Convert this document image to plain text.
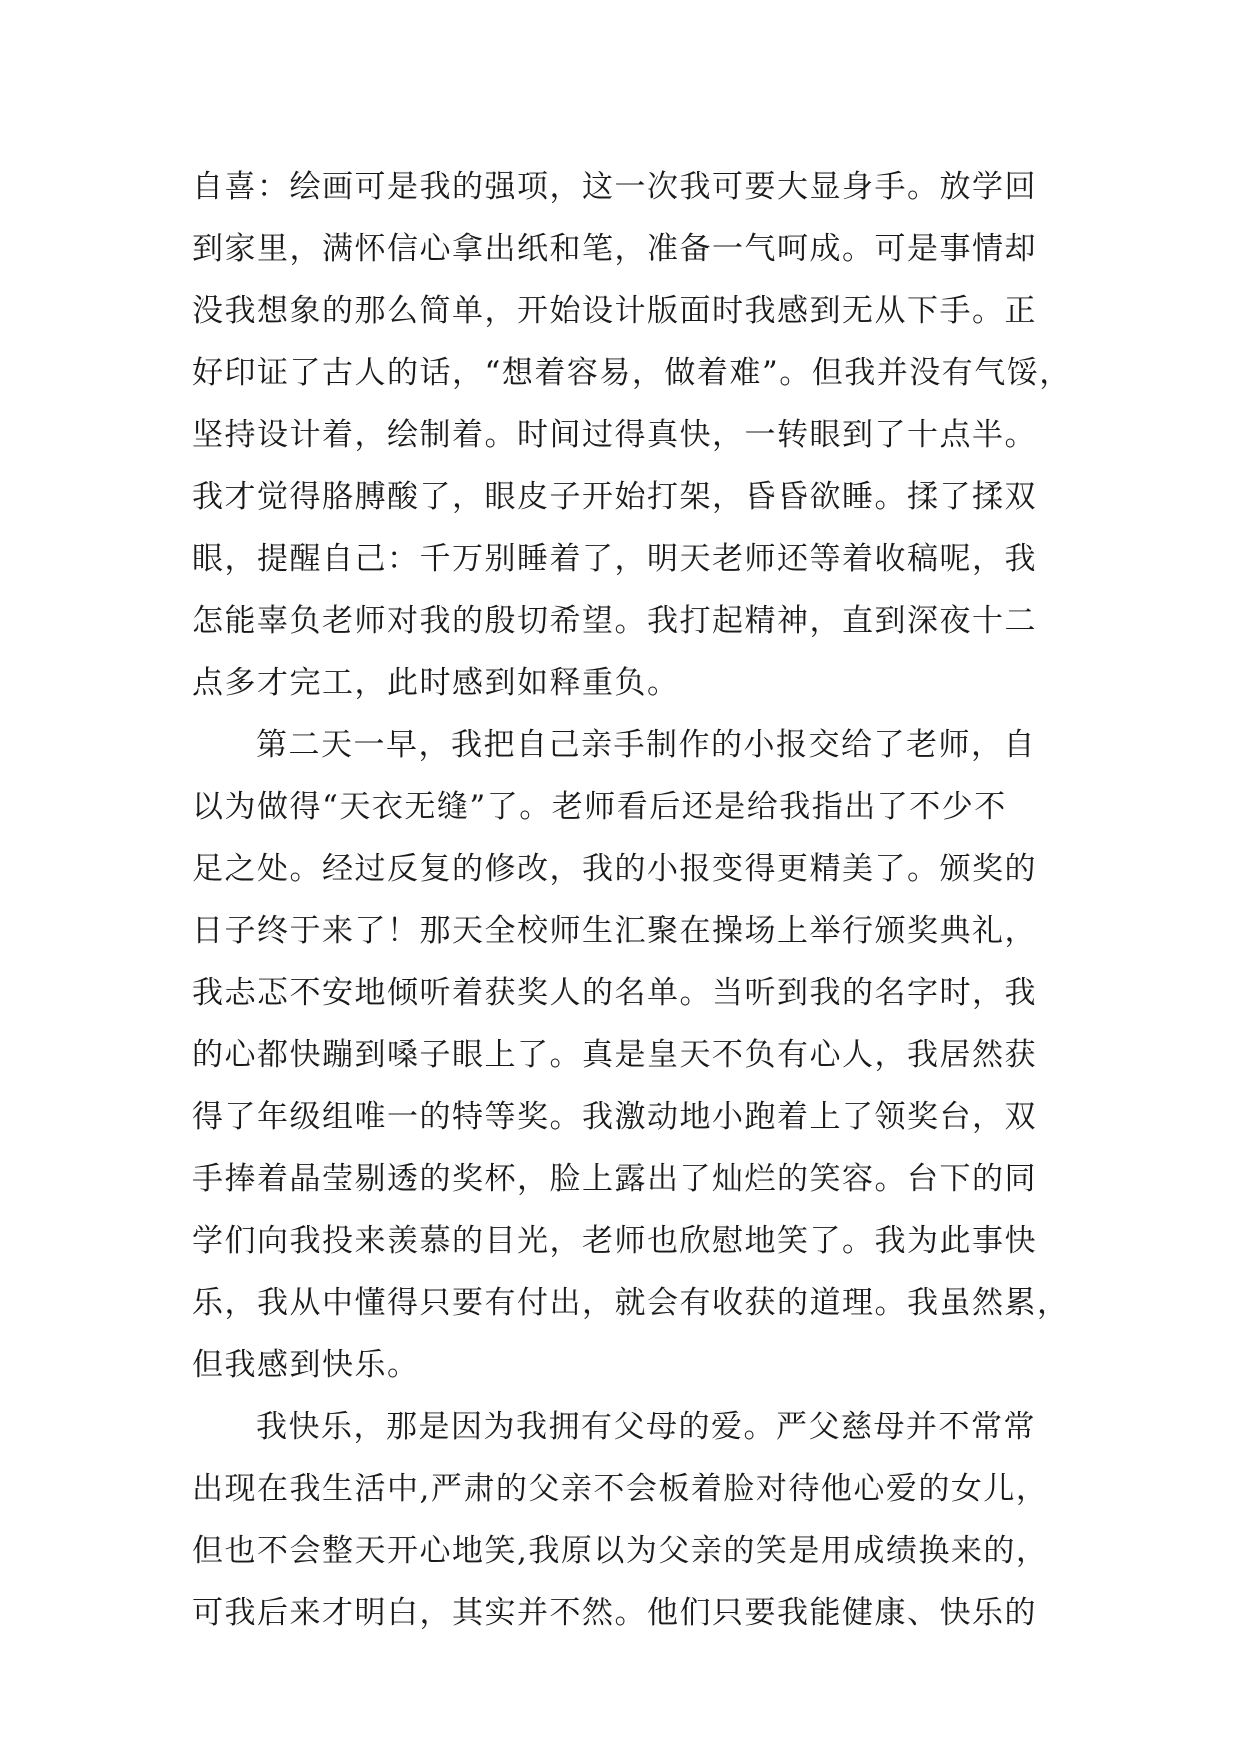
自喜：绘画可是我的强项，这一次我可要大显身手。放学回
到家里，满怀信心拿出纸和笔，准备一气呵成。可是事情却
没我想象的那么简单，开始设计版面时我感到无从下手。正
好印证了古人的话，“想着容易，做着难”。但我并没有气馁，
坚持设计着，绘制着。时间过得真快，一转眼到了十点半。
我才觉得胳膊酸了，眼皮子开始打架，昏昏欲睡。揉了揉双
眼，提醒自己：千万别睡着了，明天老师还等着收稿呢，我
怎能辜负老师对我的殷切希望。我打起精神，直到深夜十二
点多才完工，此时感到如释重负。
第二天一早，我把自己亲手制作的小报交给了老师，自
以为做得“天衣无缝”了。老师看后还是给我指出了不少不
足之处。经过反复的修改，我的小报变得更精美了。颁奖的
日子终于来了！那天全校师生汇聚在操场上举行颁奖典礼，
我忐忑不安地倾听着获奖人的名单。当听到我的名字时，我
的心都快蹦到嗓子眼上了。真是皇天不负有心人，我居然获
得了年级组唯一的特等奖。我激动地小跑着上了领奖台，双
手捧着晶莹剔透的奖杯，脸上露出了灿烂的笑容。台下的同
学们向我投来羡慕的目光，老师也欣慰地笑了。我为此事快
乐，我从中懂得只要有付出，就会有收获的道理。我虽然累，
但我感到快乐。
我快乐，那是因为我拥有父母的爱。严父慈母并不常常
出现在我生活中,严肃的父亲不会板着脸对待他心爱的女儿，
但也不会整天开心地笑,我原以为父亲的笑是用成绩换来的，
可我后来才明白，其实并不然。他们只要我能健康、快乐的
